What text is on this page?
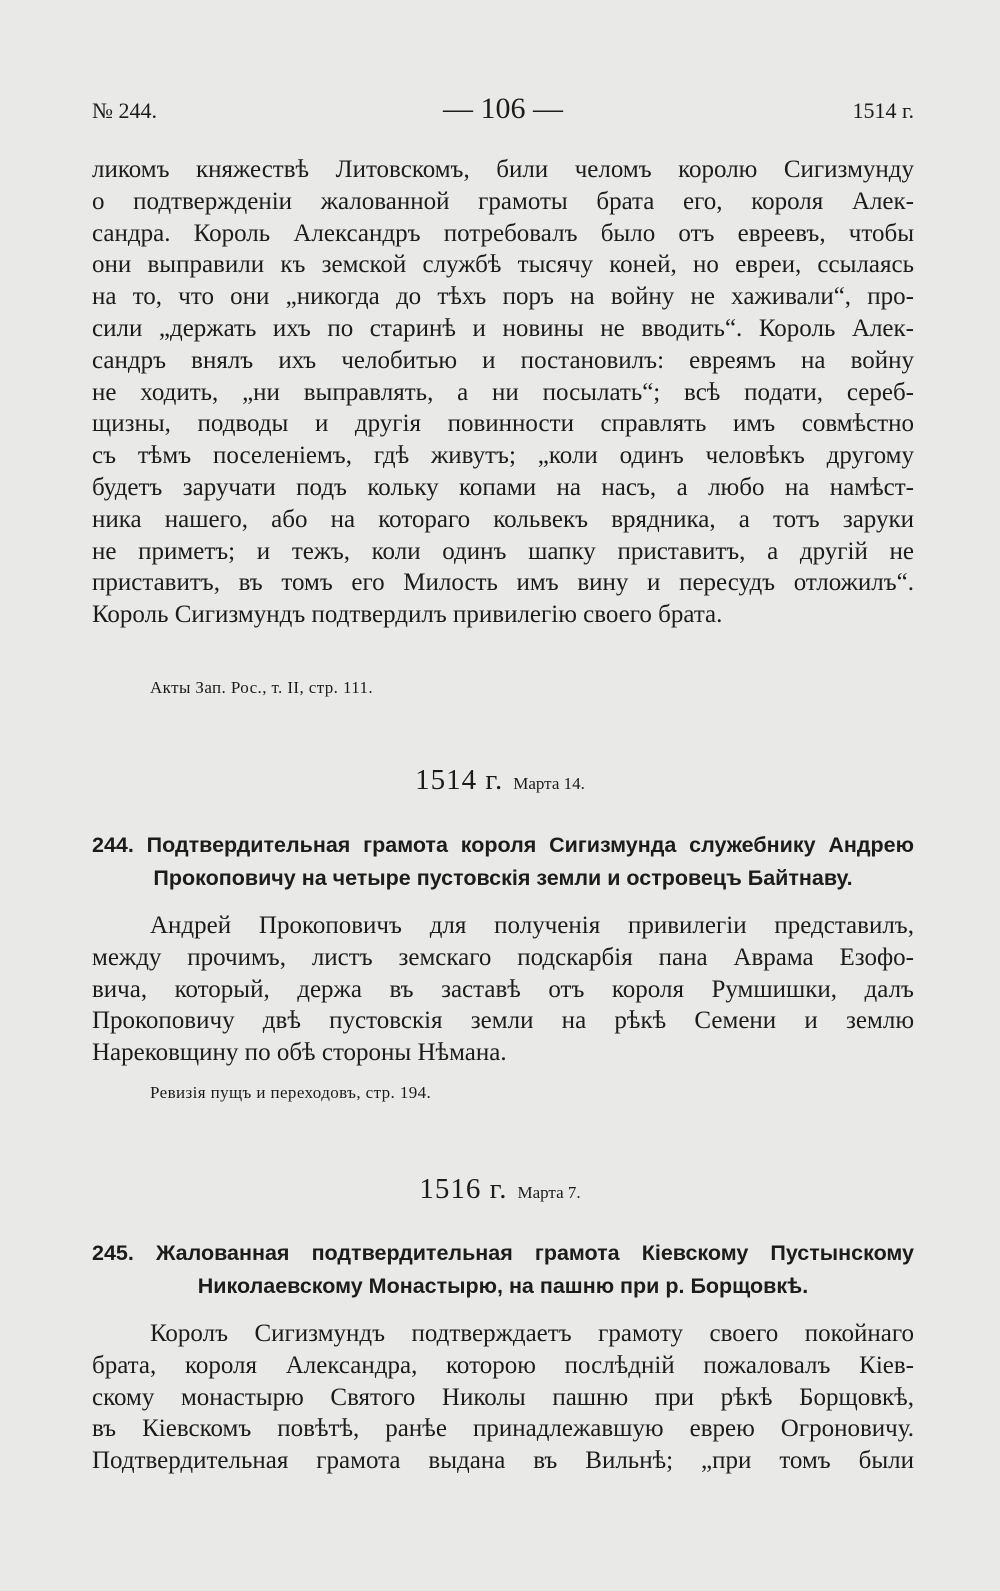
№ 244.	— 106 —	1514 г.

ликомъ княжествѣ Литовскомъ, били челомъ королю Сигизмунду

о подтвержденіи жалованной грамоты брата его, короля Алек-

сандра. Король Александръ потребовалъ было отъ евреевъ, чтобы

они выправили къ земской службѣ тысячу коней, но евреи, ссылаясь

на то, что они „никогда до тѣхъ поръ на войну не хаживали“, про-

сили „держать ихъ по старинѣ и новины не вводить“. Король Алек-

сандръ внялъ ихъ челобитью и постановилъ: евреямъ на войну

не ходить, „ни выправлять, а ни посылать“; всѣ подати, сереб-

щизны, подводы и другія повинности справлять имъ совмѣстно

съ тѣмъ поселеніемъ, гдѣ живутъ; „коли одинъ человѣкъ другому

будетъ заручати подъ кольку копами на насъ, а любо на намѣст-

ника нашего, або на котораго кольвекъ врядника, а тотъ заруки

не приметъ; и тежъ, коли одинъ шапку приставитъ, а другій не

приставитъ, въ томъ его Милость имъ вину и пересудъ отложилъ“.

Король Сигизмундъ подтвердилъ привилегію своего брата.

Акты Зап. Рос., т. II, стр. 111.
1514 г. Марта 14.
244. Подтвердительная грамота короля Сигизмунда служебнику Андрею
Прокоповичу на четыре пустовскія земли и островецъ Байтнаву.

Андрей Прокоповичъ для полученія привилегіи представилъ,

между прочимъ, листъ земскаго подскарбія пана Аврама Езофо-

вича, который, держа въ заставѣ отъ короля Румшишки, далъ

Прокоповичу двѣ пустовскія земли на рѣкѣ Семени и землю

Нарековщину по обѣ стороны Нѣмана.

Ревизія пущъ и переходовъ, стр. 194.
1516 г. Марта 7.
245. Жалованная подтвердительная грамота Кіевскому Пустынскому
Николаевскому Монастырю, на пашню при р. Борщовкѣ.

Королъ Сигизмундъ подтверждаетъ грамоту своего покойнаго

брата, короля Александра, которою послѣдній пожаловалъ Кіев-

скому монастырю Святого Николы пашню при рѣкѣ Борщовкѣ,

въ Кіевскомъ повѣтѣ, ранѣе принадлежавшую еврею Огроновичу.

Подтвердительная грамота выдана въ Вильнѣ; „при томъ были
